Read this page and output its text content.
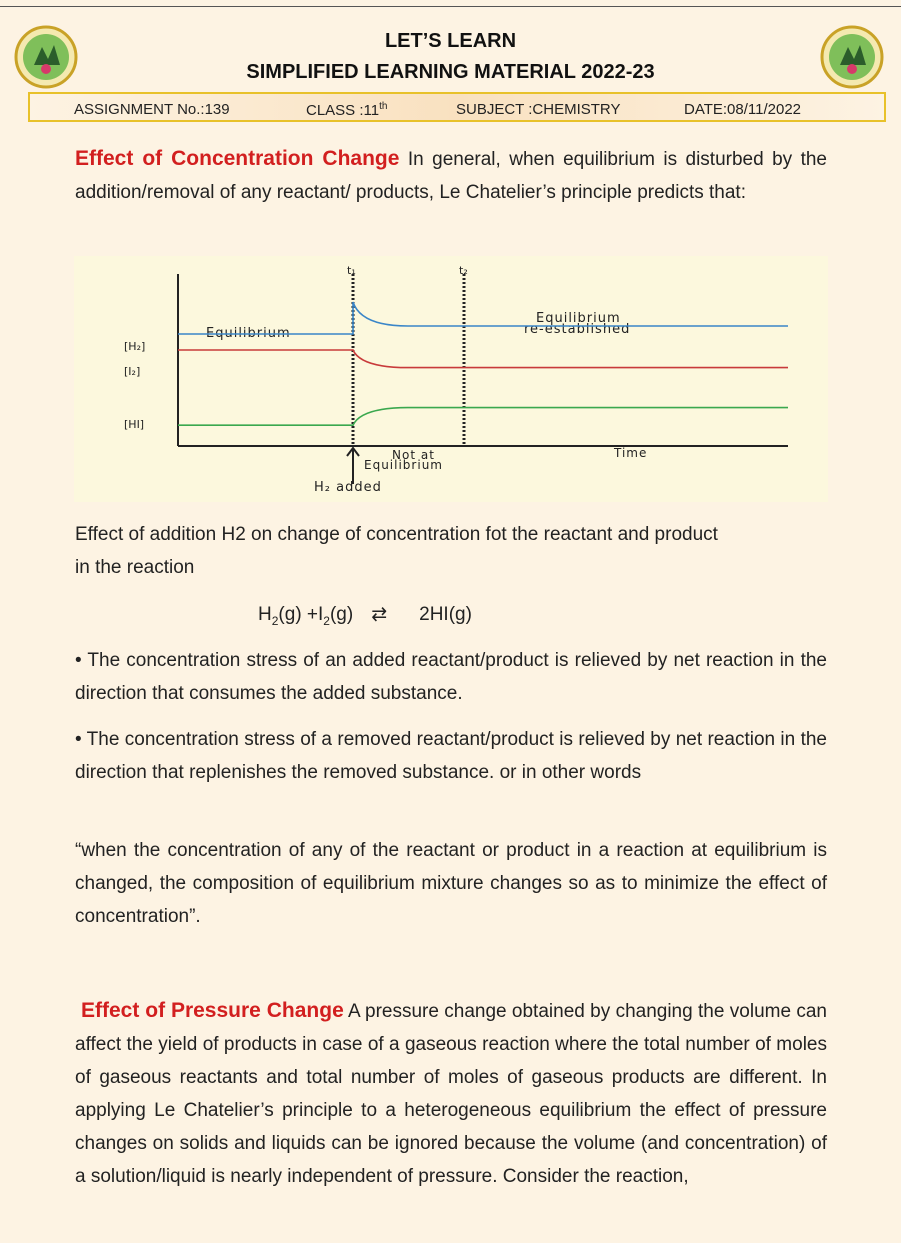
LET’S LEARN
SIMPLIFIED LEARNING MATERIAL 2022-23
ASSIGNMENT No.:139	CLASS :11th	SUBJECT :CHEMISTRY	DATE:08/11/2022
Effect of Concentration Change In general, when equilibrium is disturbed by the addition/removal of any reactant/ products, Le Chatelier’s principle predicts that:
t₁	t₂
[H₂]
[I₂]
[HI]
Equilibrium
Equilibrium
re-established
Not at
Equilibrium
H₂ added
Time
Effect of addition H2 on change of concentration fot the reactant and product
in the reaction
$H_2(g) +I_2(g)$ ⇄ 2HI(g)
• The concentration stress of an added reactant/product is relieved by net reaction in the direction that consumes the added substance.
• The concentration stress of a removed reactant/product is relieved by net reaction in the direction that replenishes the removed substance. or in other words
“when the concentration of any of the reactant or product in a reaction at equilibrium is changed, the composition of equilibrium mixture changes so as to minimize the effect of concentration”.
Effect of Pressure Change A pressure change obtained by changing the volume can affect the yield of products in case of a gaseous reaction where the total number of moles of gaseous reactants and total number of moles of gaseous products are different. In applying Le Chatelier’s principle to a heterogeneous equilibrium the effect of pressure changes on solids and liquids can be ignored because the volume (and concentration) of a solution/liquid is nearly independent of pressure. Consider the reaction,
